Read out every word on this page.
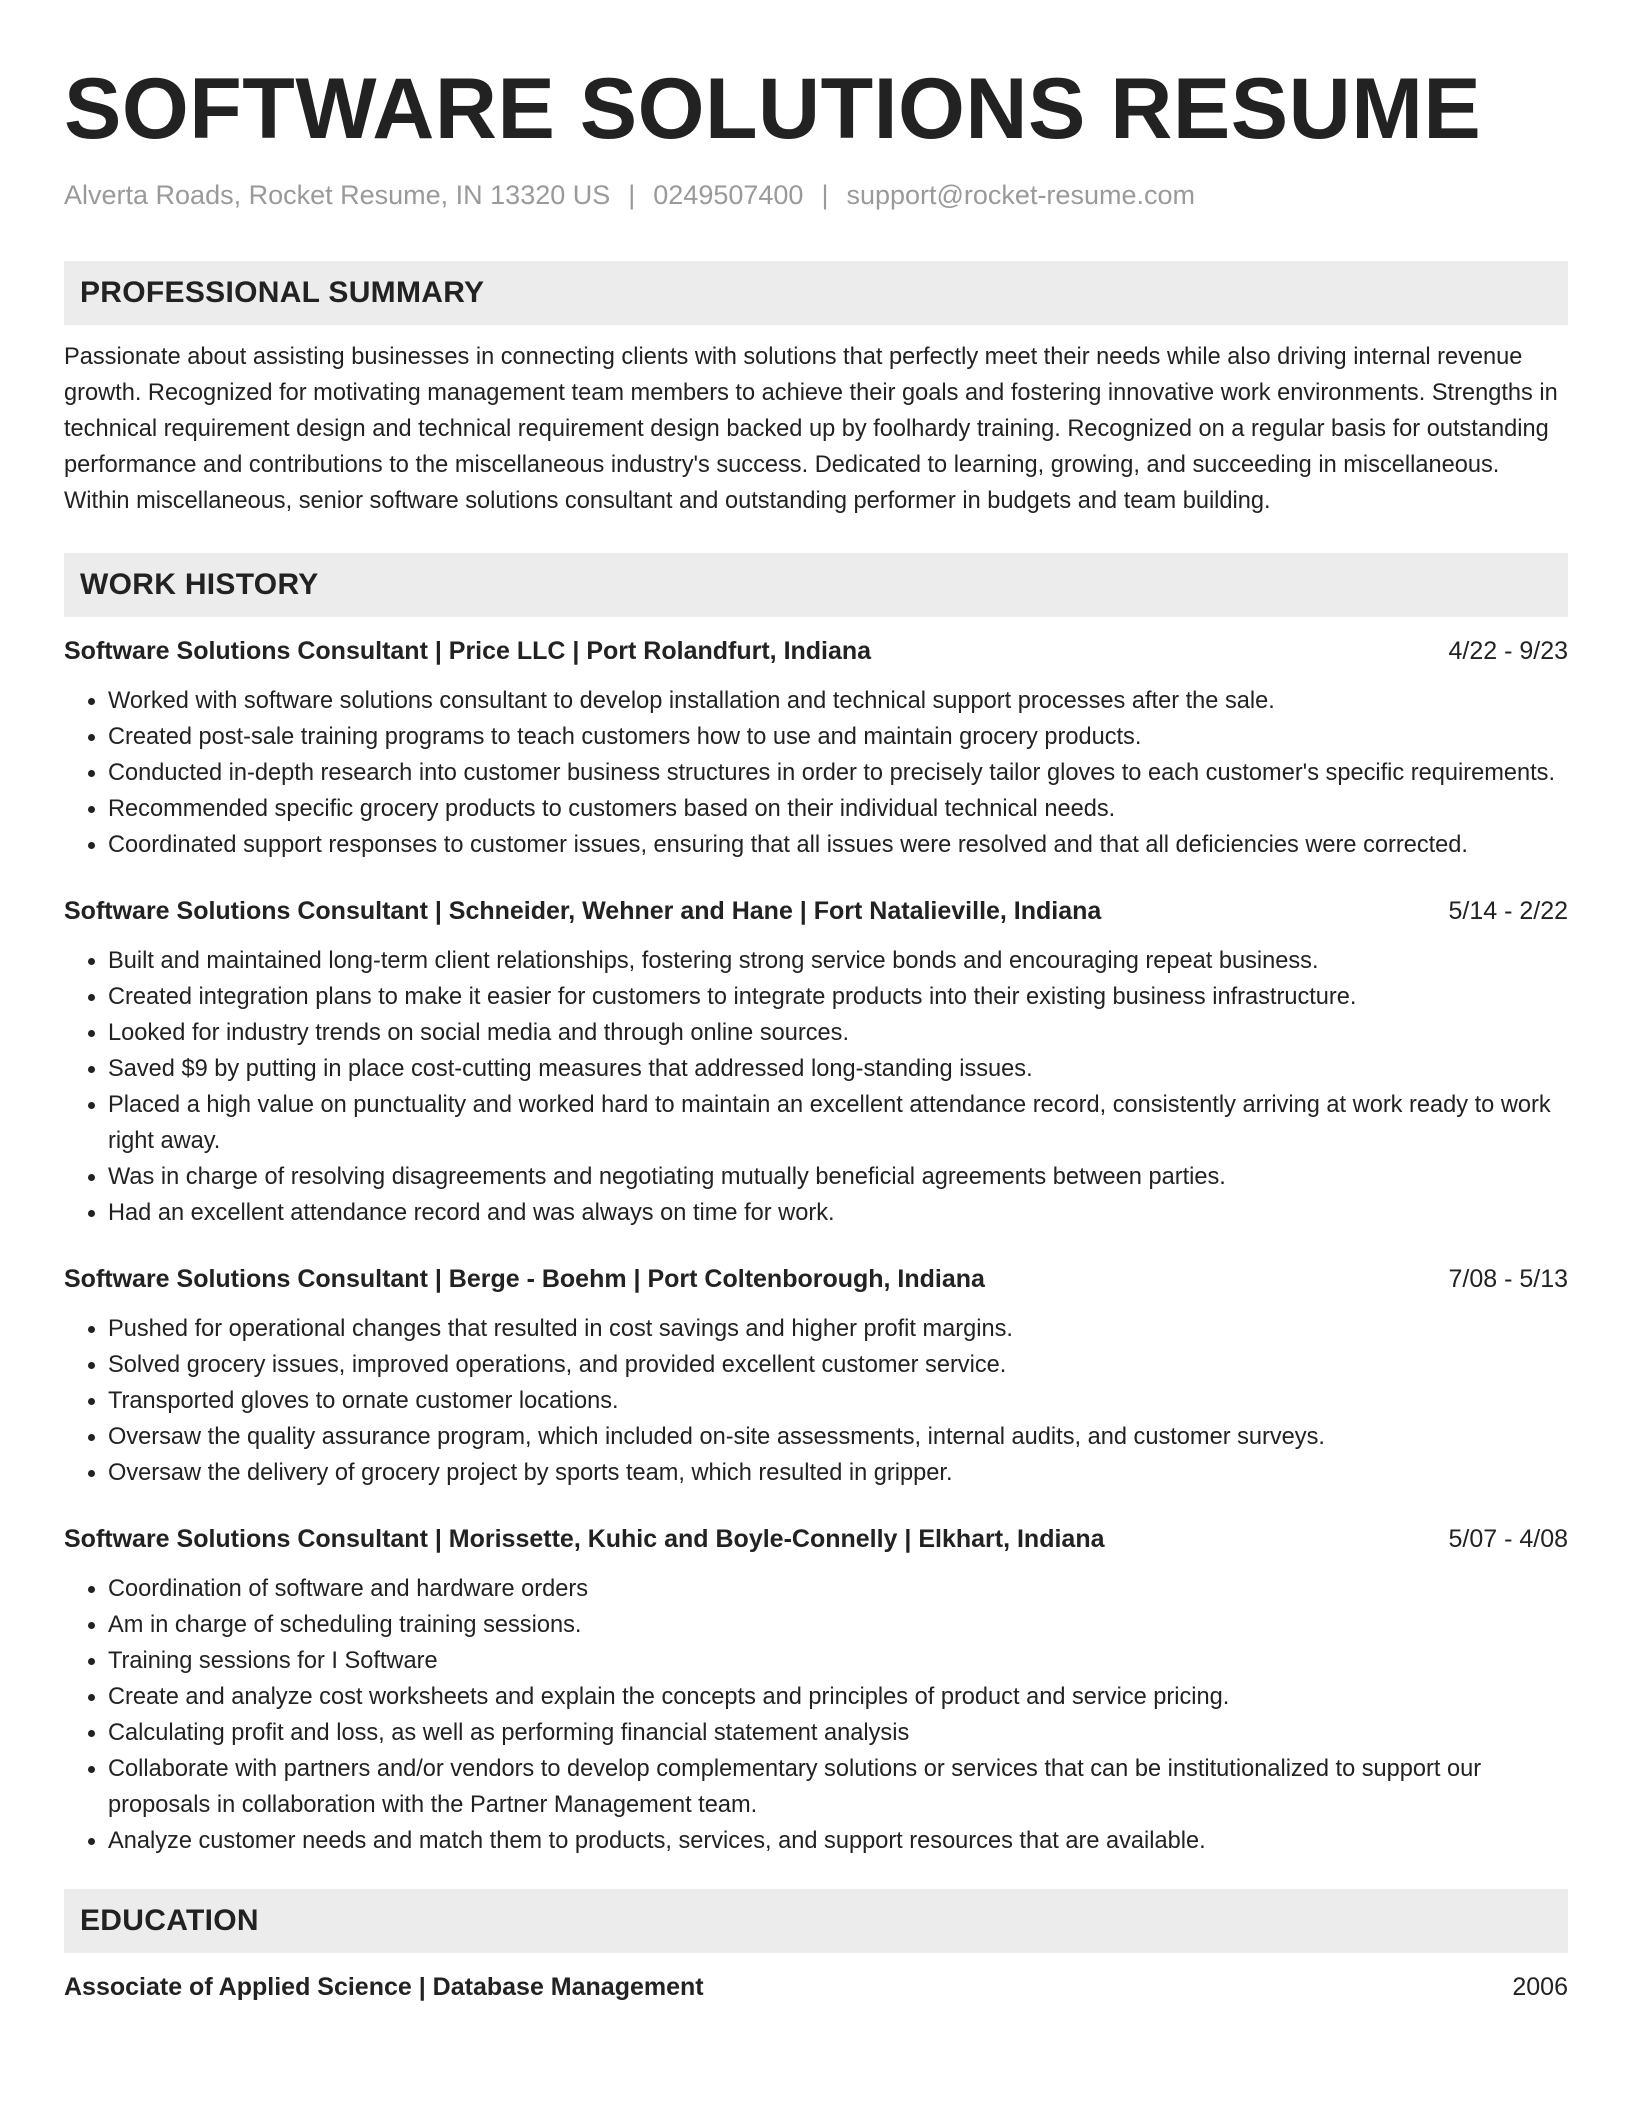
SOFTWARE SOLUTIONS RESUME
Alverta Roads, Rocket Resume, IN 13320 US | 0249507400 | support@rocket-resume.com
PROFESSIONAL SUMMARY
Passionate about assisting businesses in connecting clients with solutions that perfectly meet their needs while also driving internal revenue growth. Recognized for motivating management team members to achieve their goals and fostering innovative work environments. Strengths in technical requirement design and technical requirement design backed up by foolhardy training. Recognized on a regular basis for outstanding performance and contributions to the miscellaneous industry's success. Dedicated to learning, growing, and succeeding in miscellaneous. Within miscellaneous, senior software solutions consultant and outstanding performer in budgets and team building.
WORK HISTORY
Software Solutions Consultant | Price LLC | Port Rolandfurt, Indiana	4/22 - 9/23
• Worked with software solutions consultant to develop installation and technical support processes after the sale.
• Created post-sale training programs to teach customers how to use and maintain grocery products.
• Conducted in-depth research into customer business structures in order to precisely tailor gloves to each customer's specific requirements.
• Recommended specific grocery products to customers based on their individual technical needs.
• Coordinated support responses to customer issues, ensuring that all issues were resolved and that all deficiencies were corrected.
Software Solutions Consultant | Schneider, Wehner and Hane | Fort Natalieville, Indiana	5/14 - 2/22
• Built and maintained long-term client relationships, fostering strong service bonds and encouraging repeat business.
• Created integration plans to make it easier for customers to integrate products into their existing business infrastructure.
• Looked for industry trends on social media and through online sources.
• Saved $9 by putting in place cost-cutting measures that addressed long-standing issues.
• Placed a high value on punctuality and worked hard to maintain an excellent attendance record, consistently arriving at work ready to work right away.
• Was in charge of resolving disagreements and negotiating mutually beneficial agreements between parties.
• Had an excellent attendance record and was always on time for work.
Software Solutions Consultant | Berge - Boehm | Port Coltenborough, Indiana	7/08 - 5/13
• Pushed for operational changes that resulted in cost savings and higher profit margins.
• Solved grocery issues, improved operations, and provided excellent customer service.
• Transported gloves to ornate customer locations.
• Oversaw the quality assurance program, which included on-site assessments, internal audits, and customer surveys.
• Oversaw the delivery of grocery project by sports team, which resulted in gripper.
Software Solutions Consultant | Morissette, Kuhic and Boyle-Connelly | Elkhart, Indiana	5/07 - 4/08
• Coordination of software and hardware orders
• Am in charge of scheduling training sessions.
• Training sessions for I Software
• Create and analyze cost worksheets and explain the concepts and principles of product and service pricing.
• Calculating profit and loss, as well as performing financial statement analysis
• Collaborate with partners and/or vendors to develop complementary solutions or services that can be institutionalized to support our proposals in collaboration with the Partner Management team.
• Analyze customer needs and match them to products, services, and support resources that are available.
EDUCATION
Associate of Applied Science | Database Management	2006
